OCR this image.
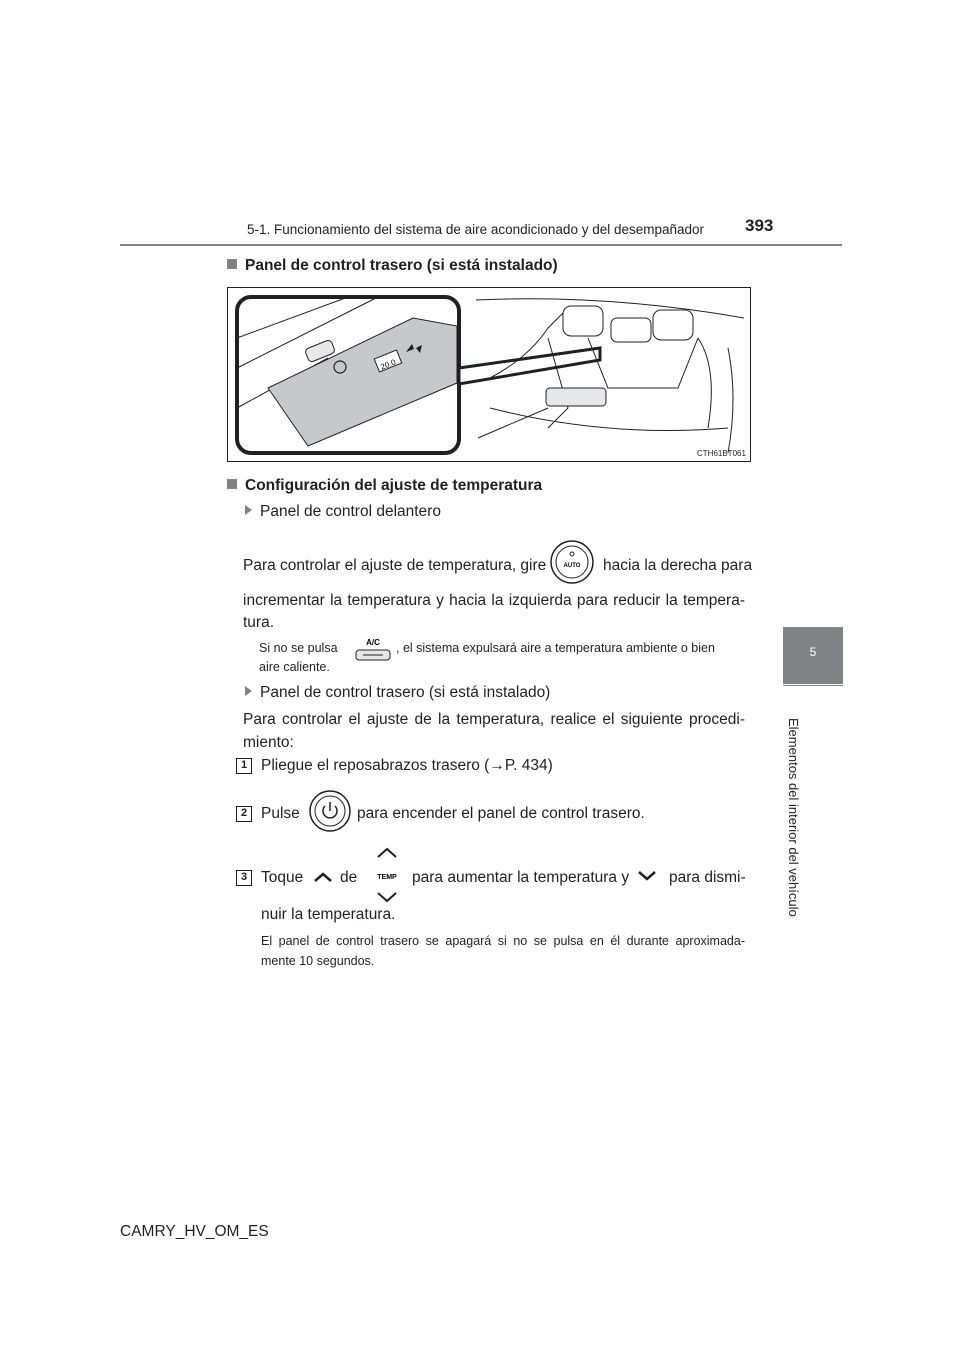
5-1. Funcionamiento del sistema de aire acondicionado y del desempañador 393
5
Elementos del interior del vehículo
Panel de control trasero (si está instalado)
20.0
CTH61BT061
Configuración del ajuste de temperatura
Panel de control delantero
Para controlar el ajuste de temperatura, gire	AUTO hacia la derecha para
incrementar la temperatura y hacia la izquierda para reducir la tempera-
tura.
Si no se pulsa	A/C , el sistema expulsará aire a temperatura ambiente o bien
aire caliente.
Panel de control trasero (si está instalado)
Para controlar el ajuste de la temperatura, realice el siguiente procedi-
miento:
1 Pliegue el reposabrazos trasero (→P. 434)
2 Pulse	para encender el panel de control trasero.
3 Toque de	TEMP para aumentar la temperatura y	para dismi-
nuir la temperatura.
El panel de control trasero se apagará si no se pulsa en él durante aproximada-
mente 10 segundos.
CAMRY_HV_OM_ES
